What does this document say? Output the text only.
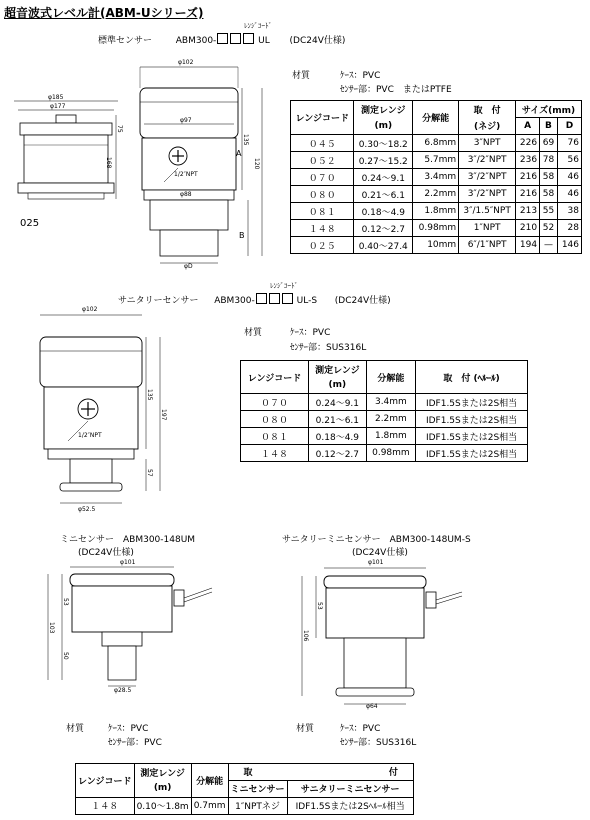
超音波式レベル計(ABM-Uシリーズ)
ﾚﾝｼﾞｺｰﾄﾞ
標準センサー	ABM300-	UL (DC24V仕様)
材質	ｹｰｽ：PVC
ｾﾝｻｰ部：PVC　またはPTFE
φ185
φ177
75
168
025
φ102
φ97
1/2″NPT
φ88
φD
135
A
B
120
レンジコード	測定レンジ	分解能	取　付	サイズ(mm)		
	(m)		(ネジ)	A	B	D
０４５	0.30～18.2	6.8mm	3″NPT	226	69	76
０５２	0.27～15.2	5.7mm	3″/2″NPT	236	78	56
０７０	0.24～9.1	3.4mm	3″/2″NPT	216	58	46
０８０	0.21～6.1	2.2mm	3″/2″NPT	216	58	46
０８１	0.18～4.9	1.8mm	3″/1.5″NPT	213	55	38
１４８	0.12～2.7	0.98mm	1″NPT	210	52	28
０２５	0.40～27.4	10mm	6″/1″NPT	194	—	146
ﾚﾝｼﾞｺｰﾄﾞ
サニタリーセンサー ABM300-	UL-S (DC24V仕様)
材質	ｹｰｽ：PVC
ｾﾝｻｰ部：SUS316L
φ102
1/2″NPT
φ52.5
135
57
197
レンジコード	測定レンジ	分解能	取　付 (ﾍﾙｰﾙ)
	(m)		
０７０	0.24～9.1	3.4mm	IDF1.5Sまたは2S相当
０８０	0.21～6.1	2.2mm	IDF1.5Sまたは2S相当
０８１	0.18～4.9	1.8mm	IDF1.5Sまたは2S相当
１４８	0.12～2.7	0.98mm	IDF1.5Sまたは2S相当
ミニセンサー　ABM300-148UM
(DC24V仕様)
φ101
φ28.5
103
53
50
材質	ｹｰｽ：PVC
ｾﾝｻｰ部：PVC
サニタリーミニセンサー　ABM300-148UM-S
(DC24V仕様)
φ101
φ64
106
53
材質	ｹｰｽ：PVC
ｾﾝｻｰ部：SUS316L
レンジコード	測定レンジ	分解能	取 付	
	(m)		ミニセンサー	サニタリーミニセンサー
１４８	0.10～1.8m	0.7mm	1″NPTネジ	IDF1.5Sまたは2Sﾍﾙｰﾙ相当
